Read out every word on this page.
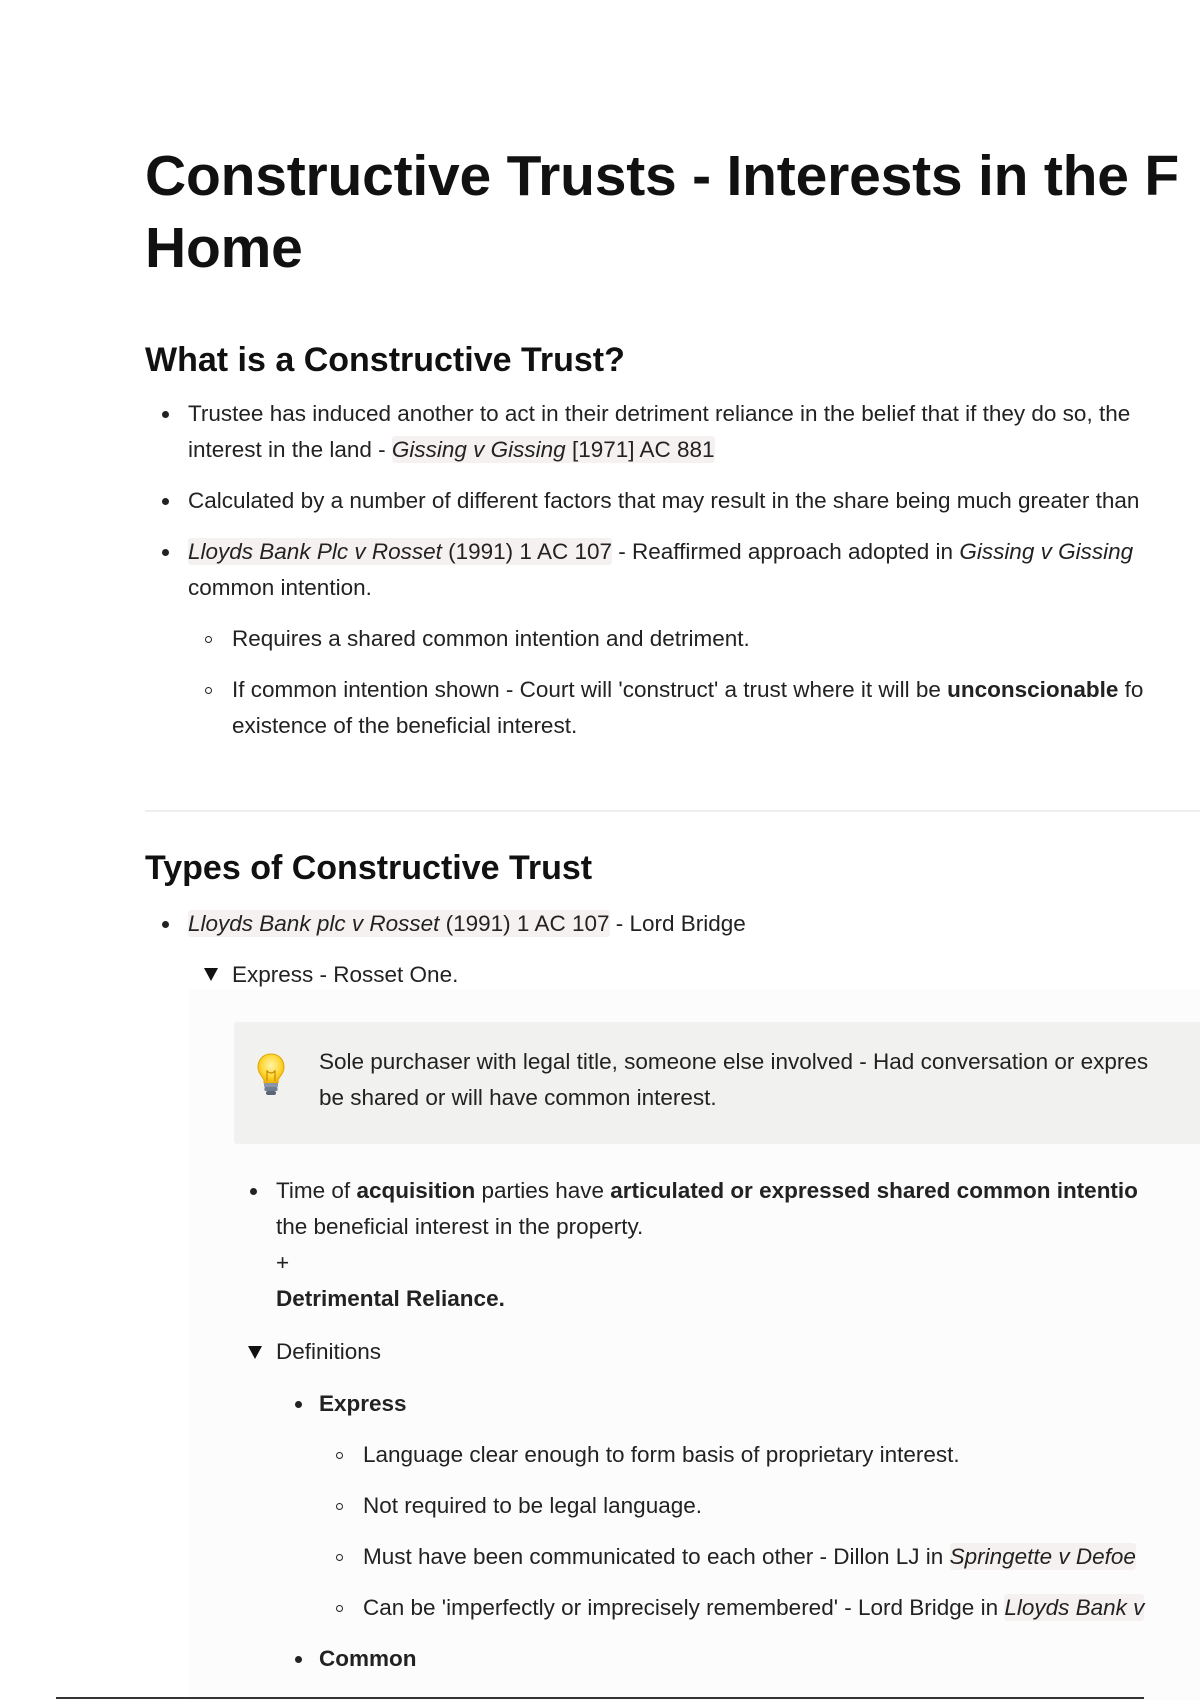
Constructive Trusts - Interests in the F
Home
What is a Constructive Trust?
Trustee has induced another to act in their detriment reliance in the belief that if they do so, the
interest in the land - Gissing v Gissing [1971] AC 881
Calculated by a number of different factors that may result in the share being much greater than
Lloyds Bank Plc v Rosset (1991) 1 AC 107 - Reaffirmed approach adopted in Gissing v Gissing
common intention.
Requires a shared common intention and detriment.
If common intention shown - Court will 'construct' a trust where it will be unconscionable fo
existence of the beneficial interest.
Types of Constructive Trust
Lloyds Bank plc v Rosset (1991) 1 AC 107 - Lord Bridge
Express - Rosset One.
Sole purchaser with legal title, someone else involved - Had conversation or expres
be shared or will have common interest.
Time of acquisition parties have articulated or expressed shared common intentio
the beneficial interest in the property.
+
Detrimental Reliance.
Definitions
Express
Language clear enough to form basis of proprietary interest.
Not required to be legal language.
Must have been communicated to each other - Dillon LJ in Springette v Defoe
Can be 'imperfectly or imprecisely remembered' - Lord Bridge in Lloyds Bank v
Common
